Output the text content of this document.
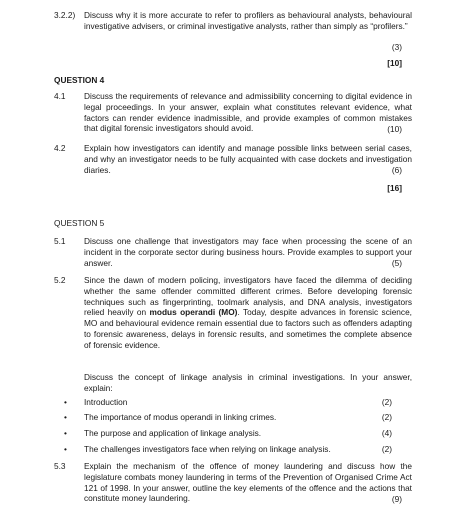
3.2.2) Discuss why it is more accurate to refer to profilers as behavioural analysts, behavioural investigative advisers, or criminal investigative analysts, rather than simply as “profilers.”
(3)
[10]
QUESTION 4
4.1 Discuss the requirements of relevance and admissibility concerning to digital evidence in legal proceedings. In your answer, explain what constitutes relevant evidence, what factors can render evidence inadmissible, and provide examples of common mistakes that digital forensic investigators should avoid.	(10)
4.2 Explain how investigators can identify and manage possible links between serial cases, and why an investigator needs to be fully acquainted with case dockets and investigation diaries.	(6)
[16]
QUESTION 5
5.1 Discuss one challenge that investigators may face when processing the scene of an incident in the corporate sector during business hours. Provide examples to support your answer.	(5)
5.2 Since the dawn of modern policing, investigators have faced the dilemma of deciding whether the same offender committed different crimes. Before developing forensic techniques such as fingerprinting, toolmark analysis, and DNA analysis, investigators relied heavily on modus operandi (MO). Today, despite advances in forensic science, MO and behavioural evidence remain essential due to factors such as offenders adapting to forensic awareness, delays in forensic results, and sometimes the complete absence of forensic evidence.
Discuss the concept of linkage analysis in criminal investigations. In your answer, explain:
• Introduction	(2)
• The importance of modus operandi in linking crimes.	(2)
• The purpose and application of linkage analysis.	(4)
• The challenges investigators face when relying on linkage analysis.	(2)
5.3 Explain the mechanism of the offence of money laundering and discuss how the legislature combats money laundering in terms of the Prevention of Organised Crime Act 121 of 1998. In your answer, outline the key elements of the offence and the actions that constitute money laundering.	(9)
